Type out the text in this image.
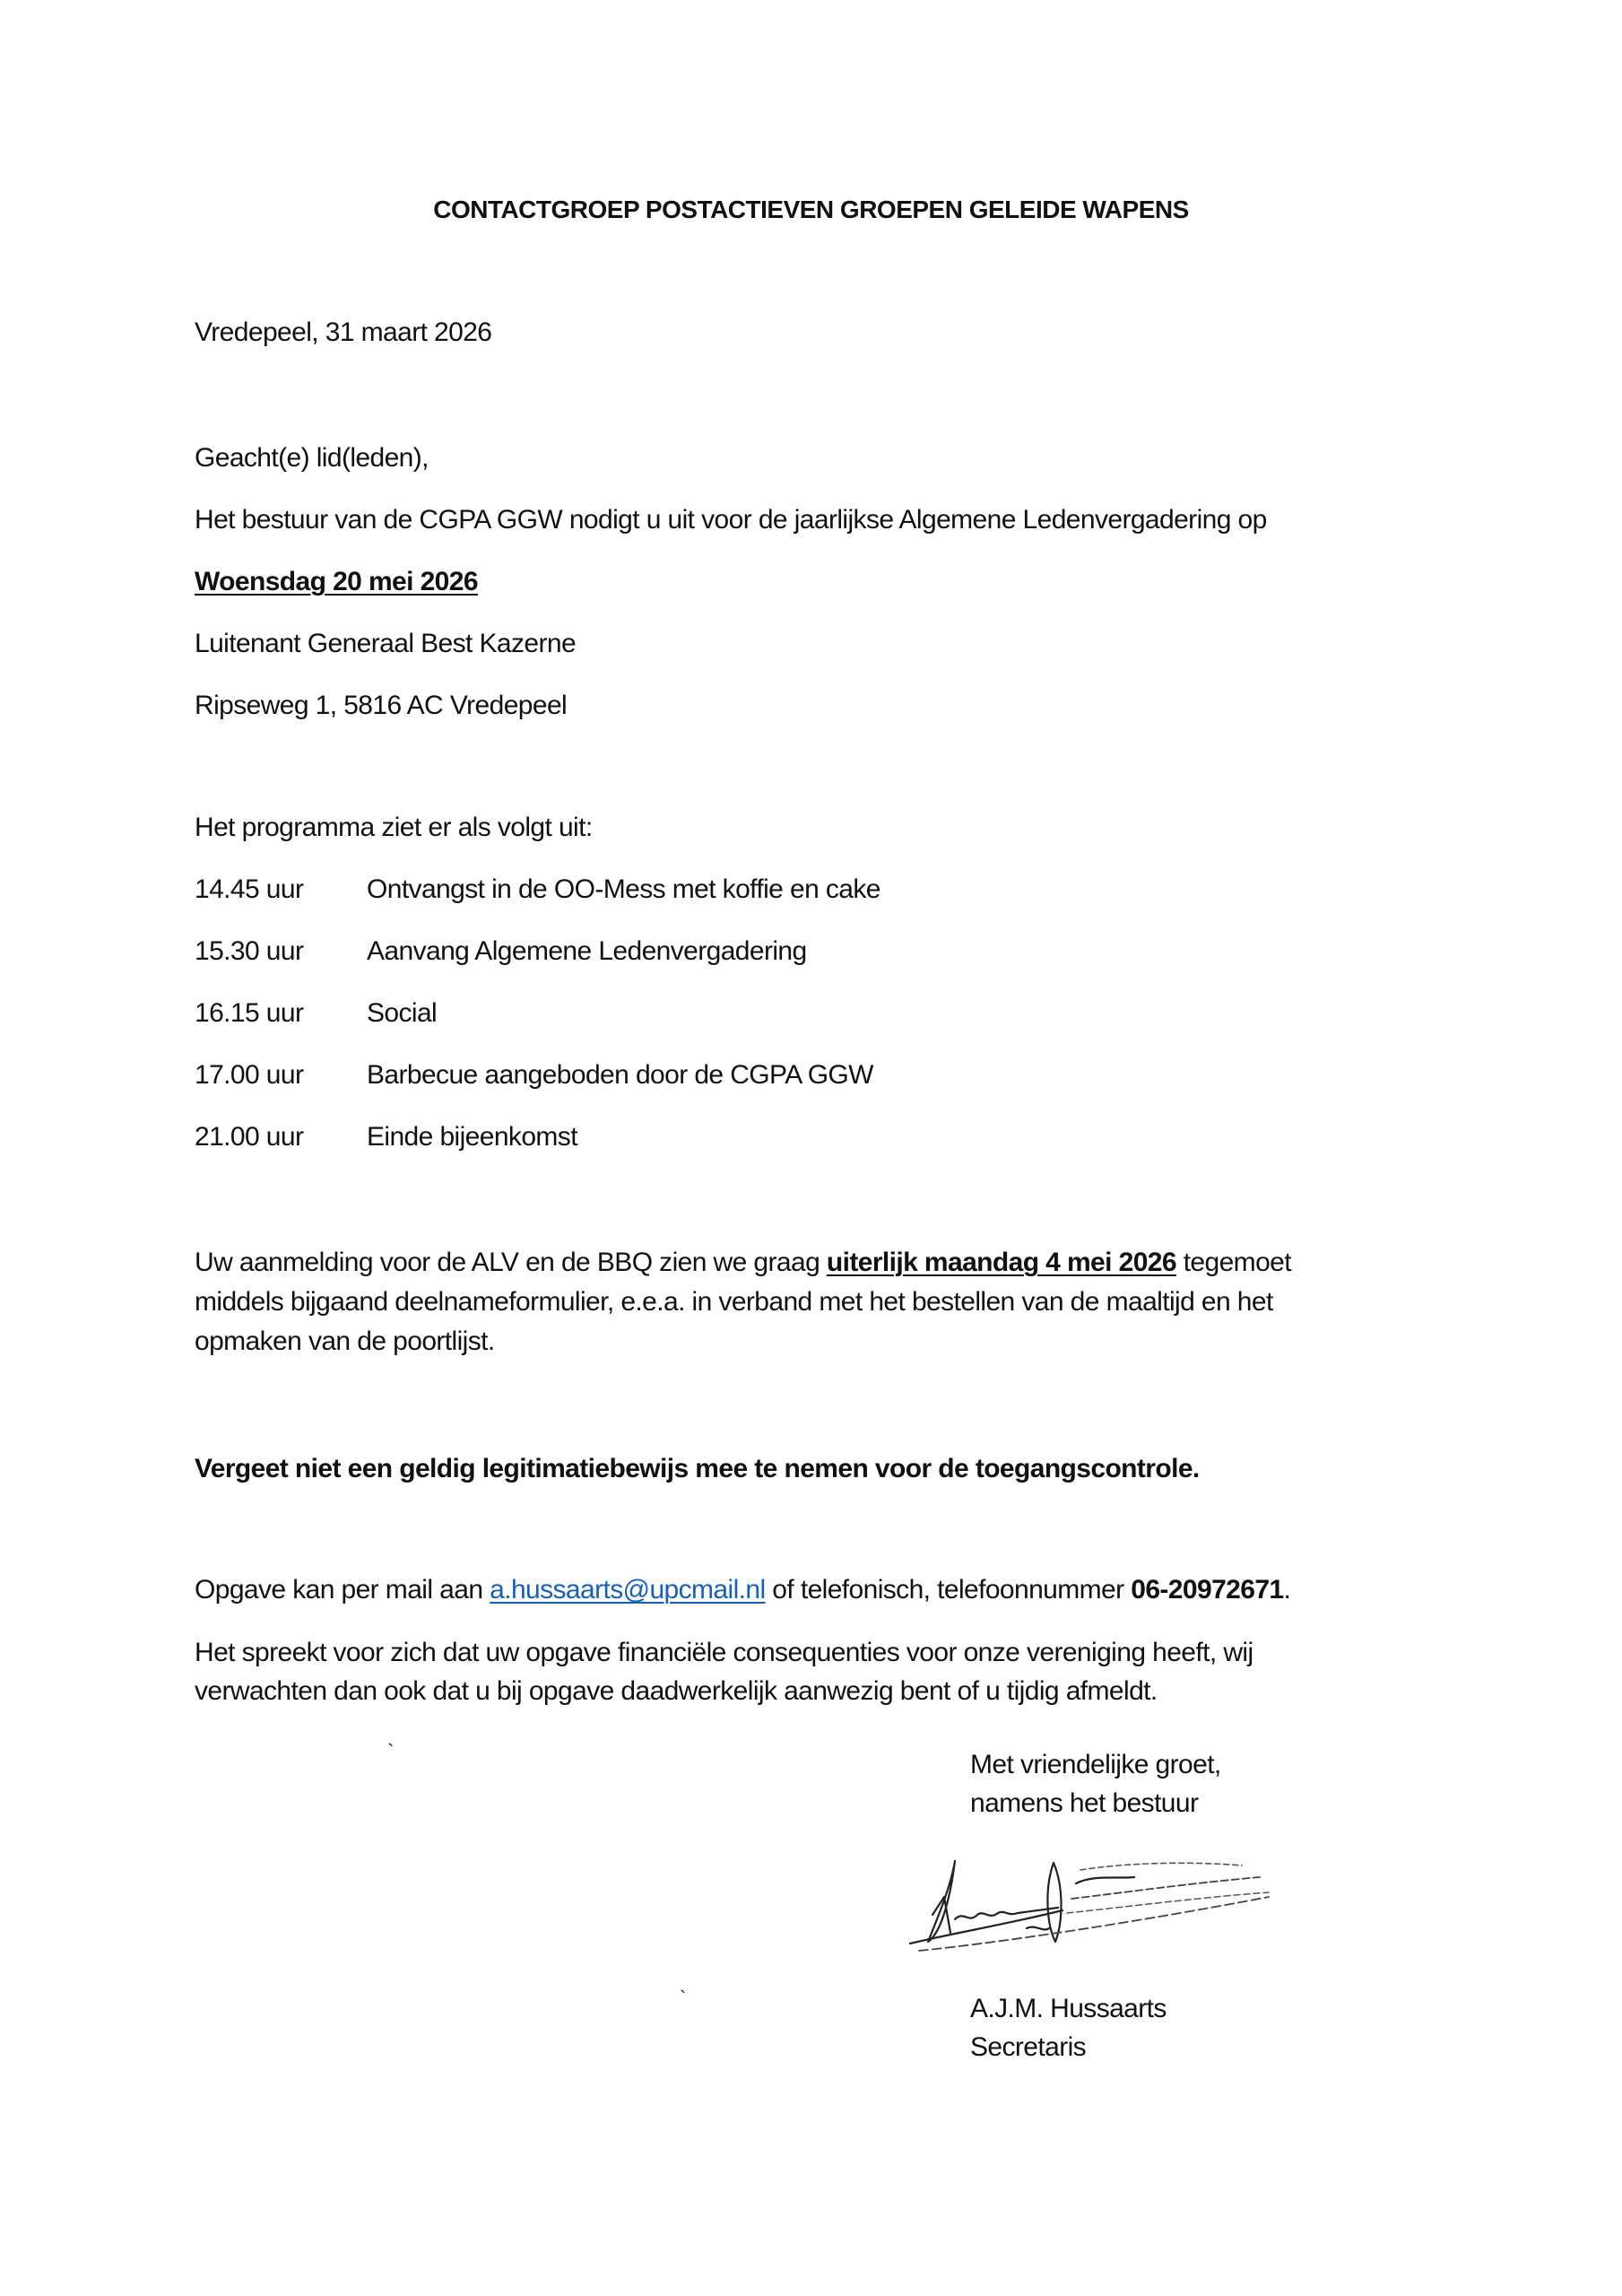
CONTACTGROEP POSTACTIEVEN GROEPEN GELEIDE WAPENS
Vredepeel, 31 maart 2026
Geacht(e) lid(leden),
Het bestuur van de CGPA GGW nodigt u uit voor de jaarlijkse Algemene Ledenvergadering op
Woensdag 20 mei 2026
Luitenant Generaal Best Kazerne
Ripseweg 1, 5816 AC Vredepeel
Het programma ziet er als volgt uit:
14.45 uur Ontvangst in de OO-Mess met koffie en cake
15.30 uur Aanvang Algemene Ledenvergadering
16.15 uur Social
17.00 uur Barbecue aangeboden door de CGPA GGW
21.00 uur Einde bijeenkomst
Uw aanmelding voor de ALV en de BBQ zien we graag uiterlijk maandag 4 mei 2026 tegemoet
middels bijgaand deelnameformulier, e.e.a. in verband met het bestellen van de maaltijd en het
opmaken van de poortlijst.
Vergeet niet een geldig legitimatiebewijs mee te nemen voor de toegangscontrole.
Opgave kan per mail aan a.hussaarts@upcmail.nl of telefonisch, telefoonnummer 06-20972671.
Het spreekt voor zich dat uw opgave financiële consequenties voor onze vereniging heeft, wij
verwachten dan ook dat u bij opgave daadwerkelijk aanwezig bent of u tijdig afmeldt.
`
`
Met vriendelijke groet,
namens het bestuur
A.J.M. Hussaarts
Secretaris
